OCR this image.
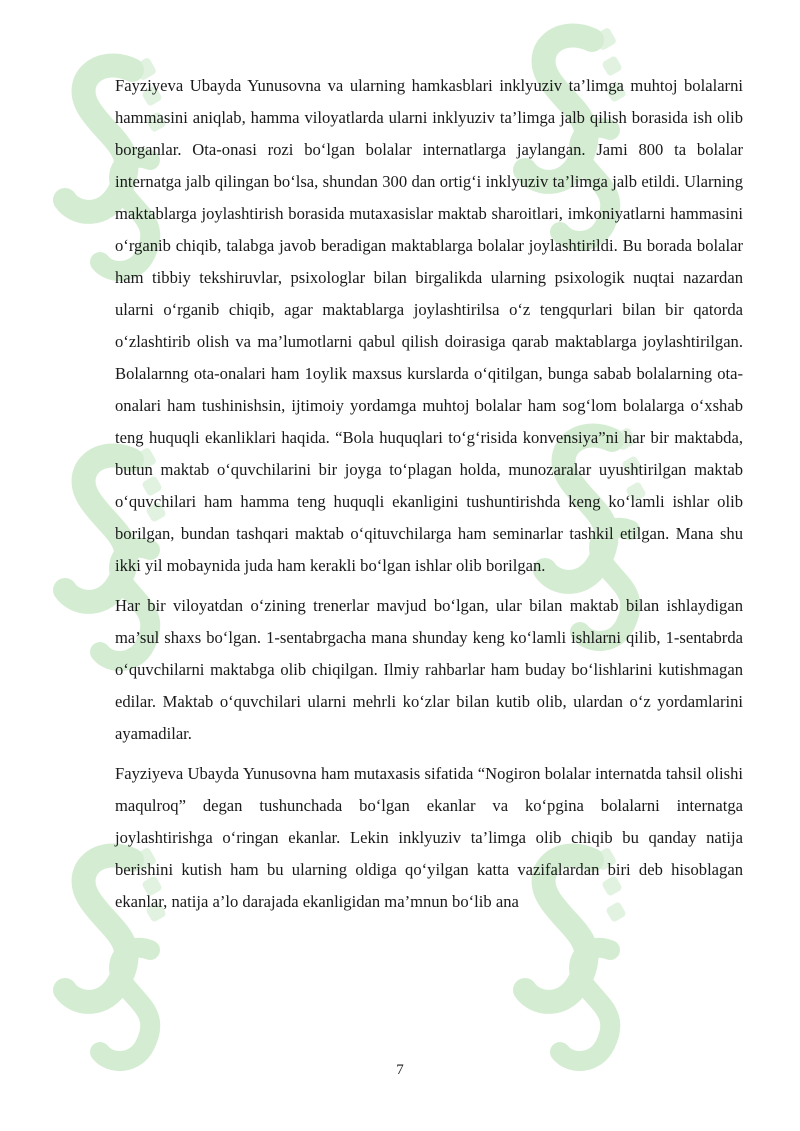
Fayziyeva Ubayda Yunusovna va ularning hamkasblari inklyuziv ta’limga muhtoj bolalarni hammasini aniqlab, hamma viloyatlarda ularni inklyuziv ta’limga jalb qilish borasida ish olib borganlar. Ota-onasi rozi bo‘lgan bolalar internatlarga jaylangan. Jami 800 ta bolalar internatga jalb qilingan bo‘lsa, shundan 300 dan ortig‘i inklyuziv ta’limga jalb etildi. Ularning maktablarga joylashtirish borasida mutaxasislar maktab sharoitlari, imkoniyatlarni hammasini o‘rganib chiqib, talabga javob beradigan maktablarga bolalar joylashtirildi. Bu borada bolalar ham tibbiy tekshiruvlar, psixologlar bilan birgalikda ularning psixologik nuqtai nazardan ularni o‘rganib chiqib, agar maktablarga joylashtirilsa o‘z tengqurlari bilan bir qatorda o‘zlashtirib olish va ma’lumotlarni qabul qilish doirasiga qarab maktablarga joylashtirilgan. Bolalarnng ota-onalari ham 1oylik maxsus kurslarda o‘qitilgan, bunga sabab bolalarning ota- onalari ham tushinishsin, ijtimoiy yordamga muhtoj bolalar ham sog‘lom bolalarga o‘xshab teng huquqli ekanliklari haqida. “Bola huquqlari to‘g‘risida konvensiya”ni har bir maktabda, butun maktab o‘quvchilarini bir joyga to‘plagan holda, munozaralar uyushtirilgan maktab o‘quvchilari ham hamma teng huquqli ekanligini tushuntirishda keng ko‘lamli ishlar olib borilgan, bundan tashqari maktab o‘qituvchilarga ham seminarlar tashkil etilgan. Mana shu ikki yil mobaynida juda ham kerakli bo‘lgan ishlar olib borilgan.

Har bir viloyatdan o‘zining trenerlar mavjud bo‘lgan, ular bilan maktab bilan ishlaydigan ma’sul shaxs bo‘lgan. 1-sentabrgacha mana shunday keng ko‘lamli ishlarni qilib, 1-sentabrda o‘quvchilarni maktabga olib chiqilgan. Ilmiy rahbarlar ham buday bo‘lishlarini kutishmagan edilar. Maktab o‘quvchilari ularni mehrli ko‘zlar bilan kutib olib, ulardan o‘z yordamlarini ayamadilar.

Fayziyeva Ubayda Yunusovna ham mutaxasis sifatida “Nogiron bolalar internatda tahsil olishi maqulroq” degan tushunchada bo‘lgan ekanlar va ko‘pgina bolalarni internatga joylashtirishga o‘ringan ekanlar. Lekin inklyuziv ta’limga olib chiqib bu qanday natija berishini kutish ham bu ularning oldiga qo‘yilgan katta vazifalardan biri deb hisoblagan ekanlar, natija a’lo darajada ekanligidan ma’mnun bo‘lib ana

7
